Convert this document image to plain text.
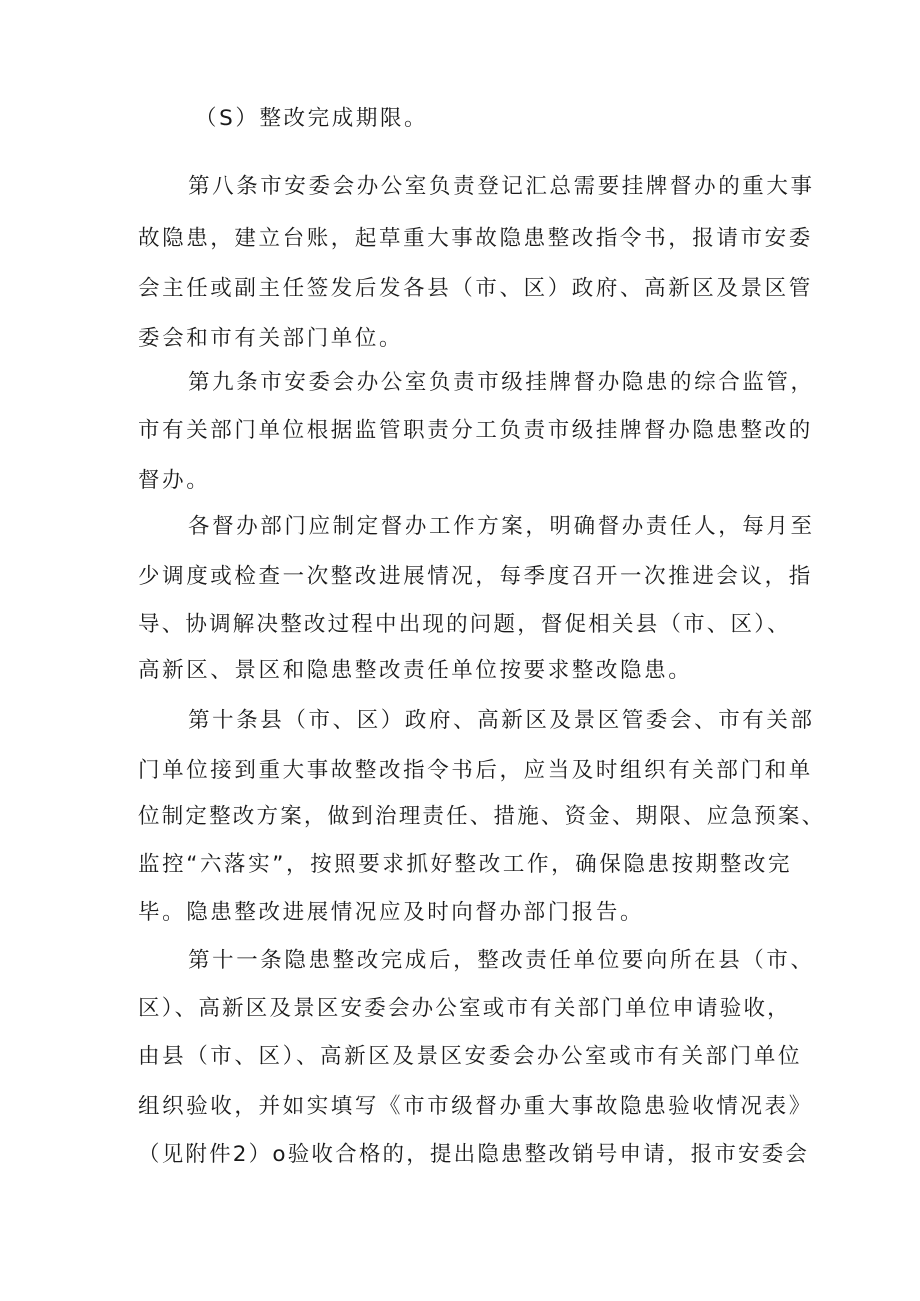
（S）整改完成期限。

第八条市安委会办公室负责登记汇总需要挂牌督办的重大事

故隐患，建立台账，起草重大事故隐患整改指令书，报请市安委

会主任或副主任签发后发各县（市、区）政府、高新区及景区管

委会和市有关部门单位。

第九条市安委会办公室负责市级挂牌督办隐患的综合监管，

市有关部门单位根据监管职责分工负责市级挂牌督办隐患整改的

督办。

各督办部门应制定督办工作方案，明确督办责任人，每月至

少调度或检查一次整改进展情况，每季度召开一次推进会议，指

导、协调解决整改过程中出现的问题，督促相关县（市、区）、

高新区、景区和隐患整改责任单位按要求整改隐患。

第十条县（市、区）政府、高新区及景区管委会、市有关部

门单位接到重大事故整改指令书后，应当及时组织有关部门和单

位制定整改方案，做到治理责任、措施、资金、期限、应急预案、

监控“六落实”，按照要求抓好整改工作，确保隐患按期整改完

毕。隐患整改进展情况应及时向督办部门报告。

第十一条隐患整改完成后，整改责任单位要向所在县（市、

区）、高新区及景区安委会办公室或市有关部门单位申请验收，

由县（市、区）、高新区及景区安委会办公室或市有关部门单位

组织验收，并如实填写《市市级督办重大事故隐患验收情况表》

（见附件2）o验收合格的，提出隐患整改销号申请，报市安委会
